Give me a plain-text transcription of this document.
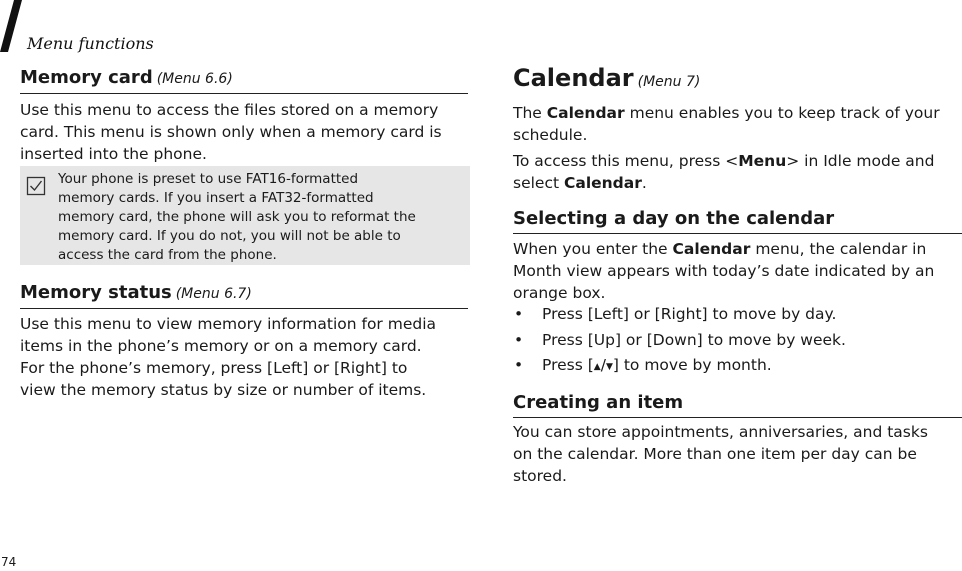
Menu functions
Memory card (Menu 6.6)

Use this menu to access the files stored on a memory card. This menu is shown only when a memory card is inserted into the phone.

Your phone is preset to use FAT16-formatted
memory cards. If you insert a FAT32-formatted
memory card, the phone will ask you to reformat the
memory card. If you do not, you will not be able to
access the card from the phone.
Memory status (Menu 6.7)

Use this menu to view memory information for media

items in the phone’s memory or on a memory card.

For the phone’s memory, press [Left] or [Right] to

view the memory status by size or number of items.

Calendar (Menu 7)

The Calendar menu enables you to keep track of your

schedule.

To access this menu, press <Menu> in Idle mode and

select Calendar.

Selecting a day on the calendar

When you enter the Calendar menu, the calendar in

Month view appears with today’s date indicated by an

orange box.

• Press [Left] or [Right] to move by day.
• Press [Up] or [Down] to move by week.
• Press [▲/▼] to move by month.
Creating an item

You can store appointments, anniversaries, and tasks

on the calendar. More than one item per day can be

stored.

74
